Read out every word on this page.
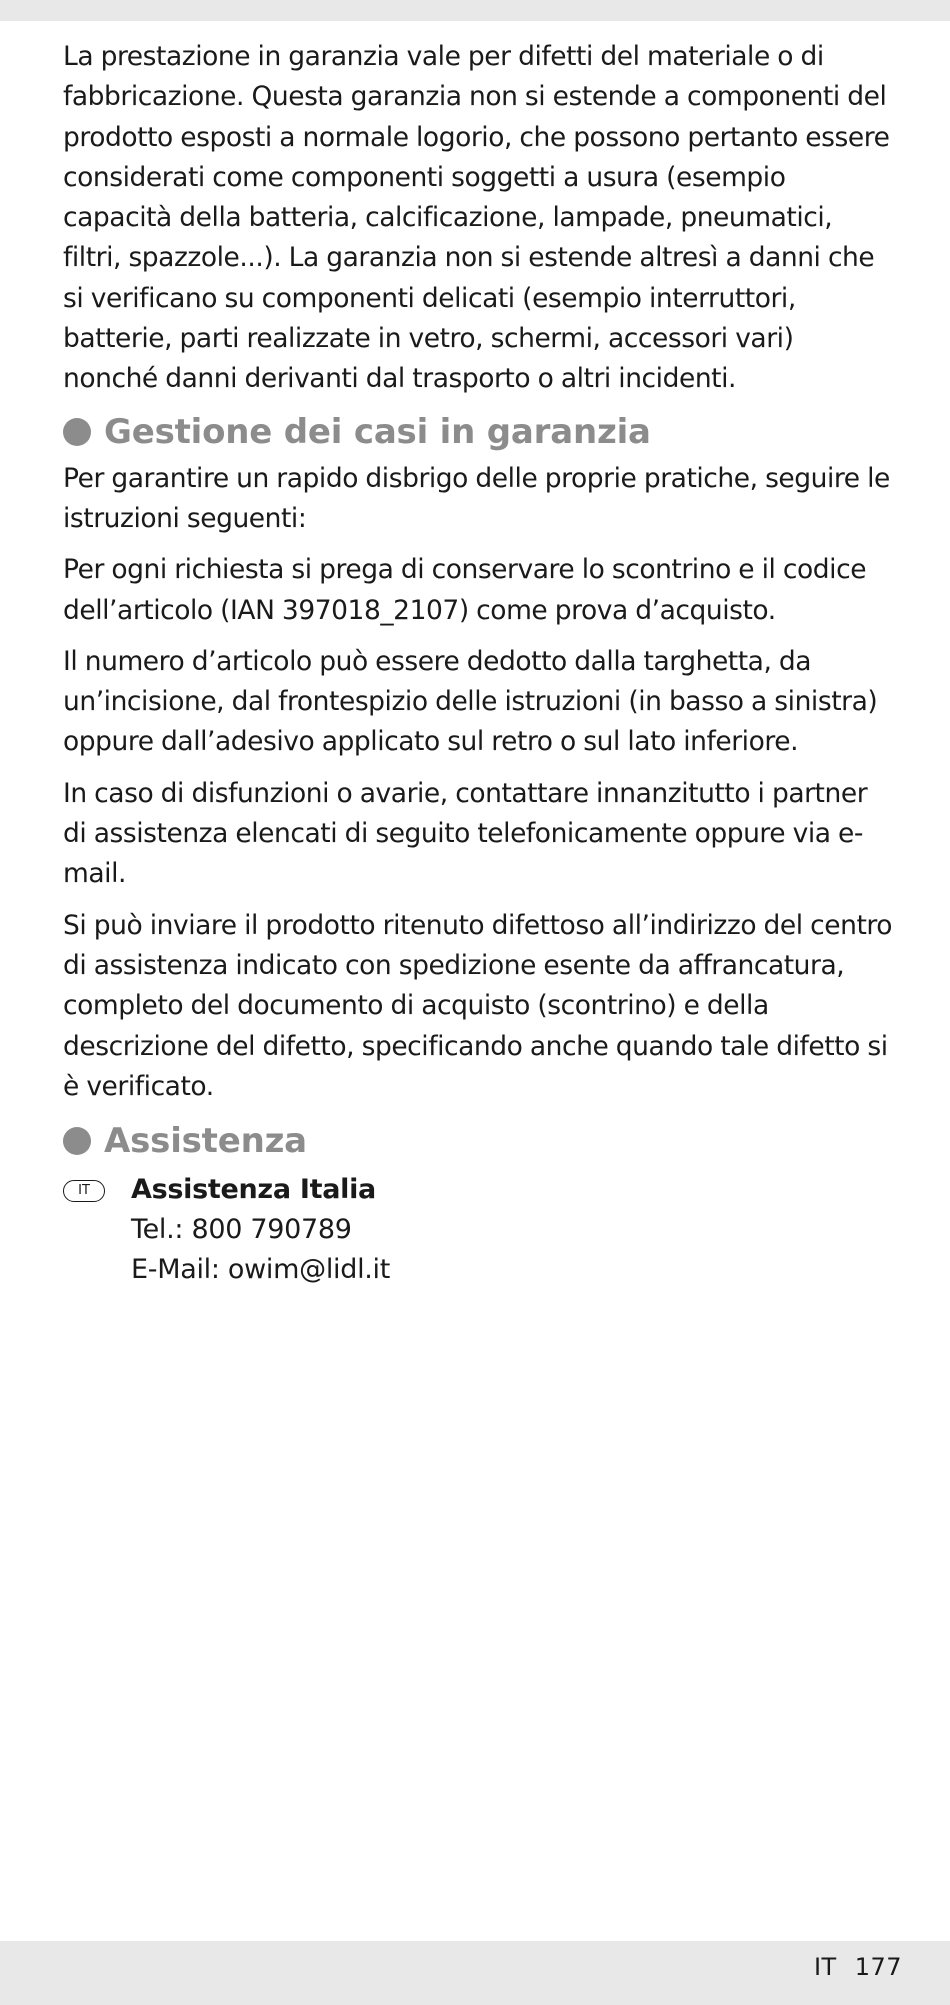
La prestazione in garanzia vale per difetti del materiale o di fabbricazione. Questa garanzia non si estende a componenti del prodotto esposti a normale logorio, che possono pertanto essere considerati come componenti soggetti a usura (esempio capacità della batteria, calcificazione, lampade, pneumatici, filtri, spazzole...). La garanzia non si estende altresì a danni che si verificano su componenti delicati (esempio interruttori, batterie, parti realizzate in vetro, schermi, accessori vari) nonché danni derivanti dal trasporto o altri incidenti.

Gestione dei casi in garanzia

Per garantire un rapido disbrigo delle proprie pratiche, seguire le istruzioni seguenti:

Per ogni richiesta si prega di conservare lo scontrino e il codice dell’articolo (IAN 397018_2107) come prova d’acquisto.

Il numero d’articolo può essere dedotto dalla targhetta, da un’incisione, dal frontespizio delle istruzioni (in basso a sinistra) oppure dall’adesivo applicato sul retro o sul lato inferiore.

In caso di disfunzioni o avarie, contattare innanzitutto i partner di assistenza elencati di seguito telefonicamente oppure via e-mail.

Si può inviare il prodotto ritenuto difettoso all’indirizzo del centro di assistenza indicato con spedizione esente da affrancatura, completo del documento di acquisto (scontrino) e della descrizione del difetto, specificando anche quando tale difetto si è verificato.

Assistenza
IT	Assistenza Italia
Tel.: 800 790789
E-Mail: owim@lidl.it
IT 177
